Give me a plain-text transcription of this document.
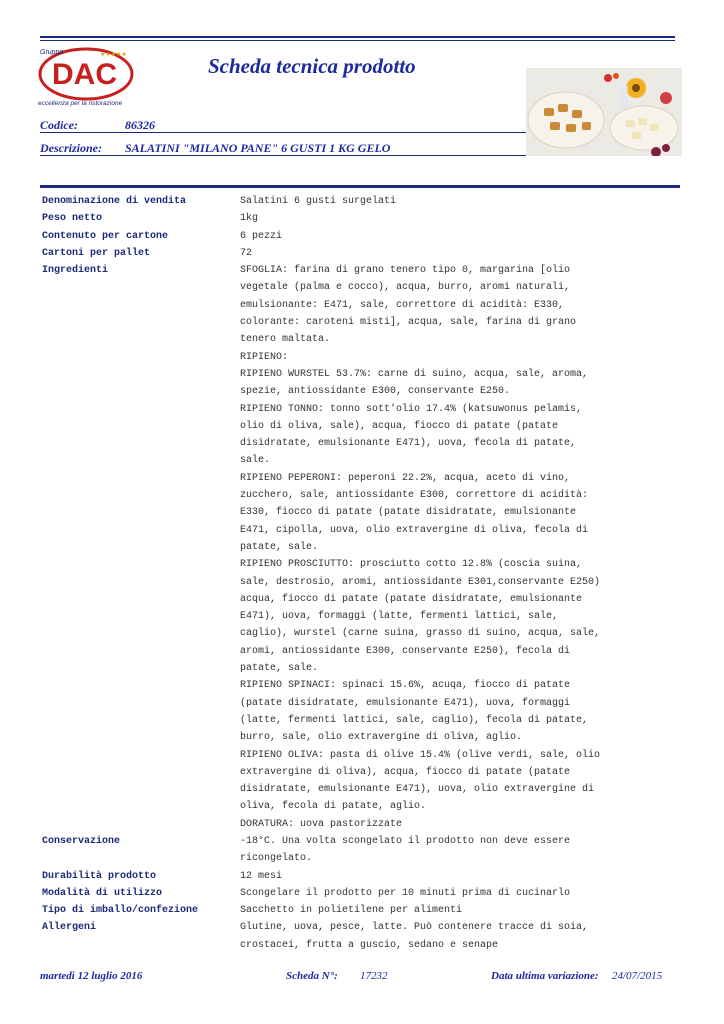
Gruppo
DAC
★★★★★
eccellenza per la ristorazione
Scheda tecnica prodotto
Codice:	86326
Descrizione: SALATINI "MILANO PANE" 6 GUSTI 1 KG GELO
Denominazione di vendita	Salatini 6 gusti surgelati
Peso netto	1kg
Contenuto per cartone	6 pezzi
Cartoni per pallet	72
Ingredienti	SFOGLIA: farina di grano tenero tipo 0, margarina [olio
vegetale (palma e cocco), acqua, burro, aromi naturali,
emulsionante: E471, sale, correttore di acidità: E330,
colorante: caroteni misti], acqua, sale, farina di grano
tenero maltata.
RIPIENO:
RIPIENO WURSTEL 53.7%: carne di suino, acqua, sale, aroma,
spezie, antiossidante E300, conservante E250.
RIPIENO TONNO: tonno sott'olio 17.4% (katsuwonus pelamis,
olio di oliva, sale), acqua, fiocco di patate (patate
disidratate, emulsionante E471), uova, fecola di patate,
sale.
RIPIENO PEPERONI: peperoni 22.2%, acqua, aceto di vino,
zucchero, sale, antiossidante E300, correttore di acidità:
E330, fiocco di patate (patate disidratate, emulsionante
E471, cipolla, uova, olio extravergine di oliva, fecola di
patate, sale.
RIPIENO PROSCIUTTO: prosciutto cotto 12.8% (coscia suina,
sale, destrosio, aromi, antiossidante E301,conservante E250)
acqua, fiocco di patate (patate disidratate, emulsionante
E471), uova, formaggi (latte, fermenti lattici, sale,
caglio), wurstel (carne suina, grasso di suino, acqua, sale,
aromi, antiossidante E300, conservante E250), fecola di
patate, sale.
RIPIENO SPINACI: spinaci 15.6%, acuqa, fiocco di patate
(patate disidratate, emulsionante E471), uova, formaggi
(latte, fermenti lattici, sale, caglio), fecola di patate,
burro, sale, olio extravergine di oliva, aglio.
RIPIENO OLIVA: pasta di olive 15.4% (olive verdi, sale, olio
extravergine di oliva), acqua, fiocco di patate (patate
disidratate, emulsionante E471), uova, olio extravergine di
oliva, fecola di patate, aglio.
DORATURA: uova pastorizzate
Conservazione	-18°C. Una volta scongelato il prodotto non deve essere
ricongelato.
Durabilità prodotto	12 mesi
Modalità di utilizzo	Scongelare il prodotto per 10 minuti prima di cucinarlo
Tipo di imballo/confezione	Sacchetto in polietilene per alimenti
Allergeni	Glutine, uova, pesce, latte. Può contenere tracce di soia,
crostacei, frutta a guscio, sedano e senape
martedì 12 luglio 2016	Scheda N°: 17232	Data ultima variazione: 24/07/2015
